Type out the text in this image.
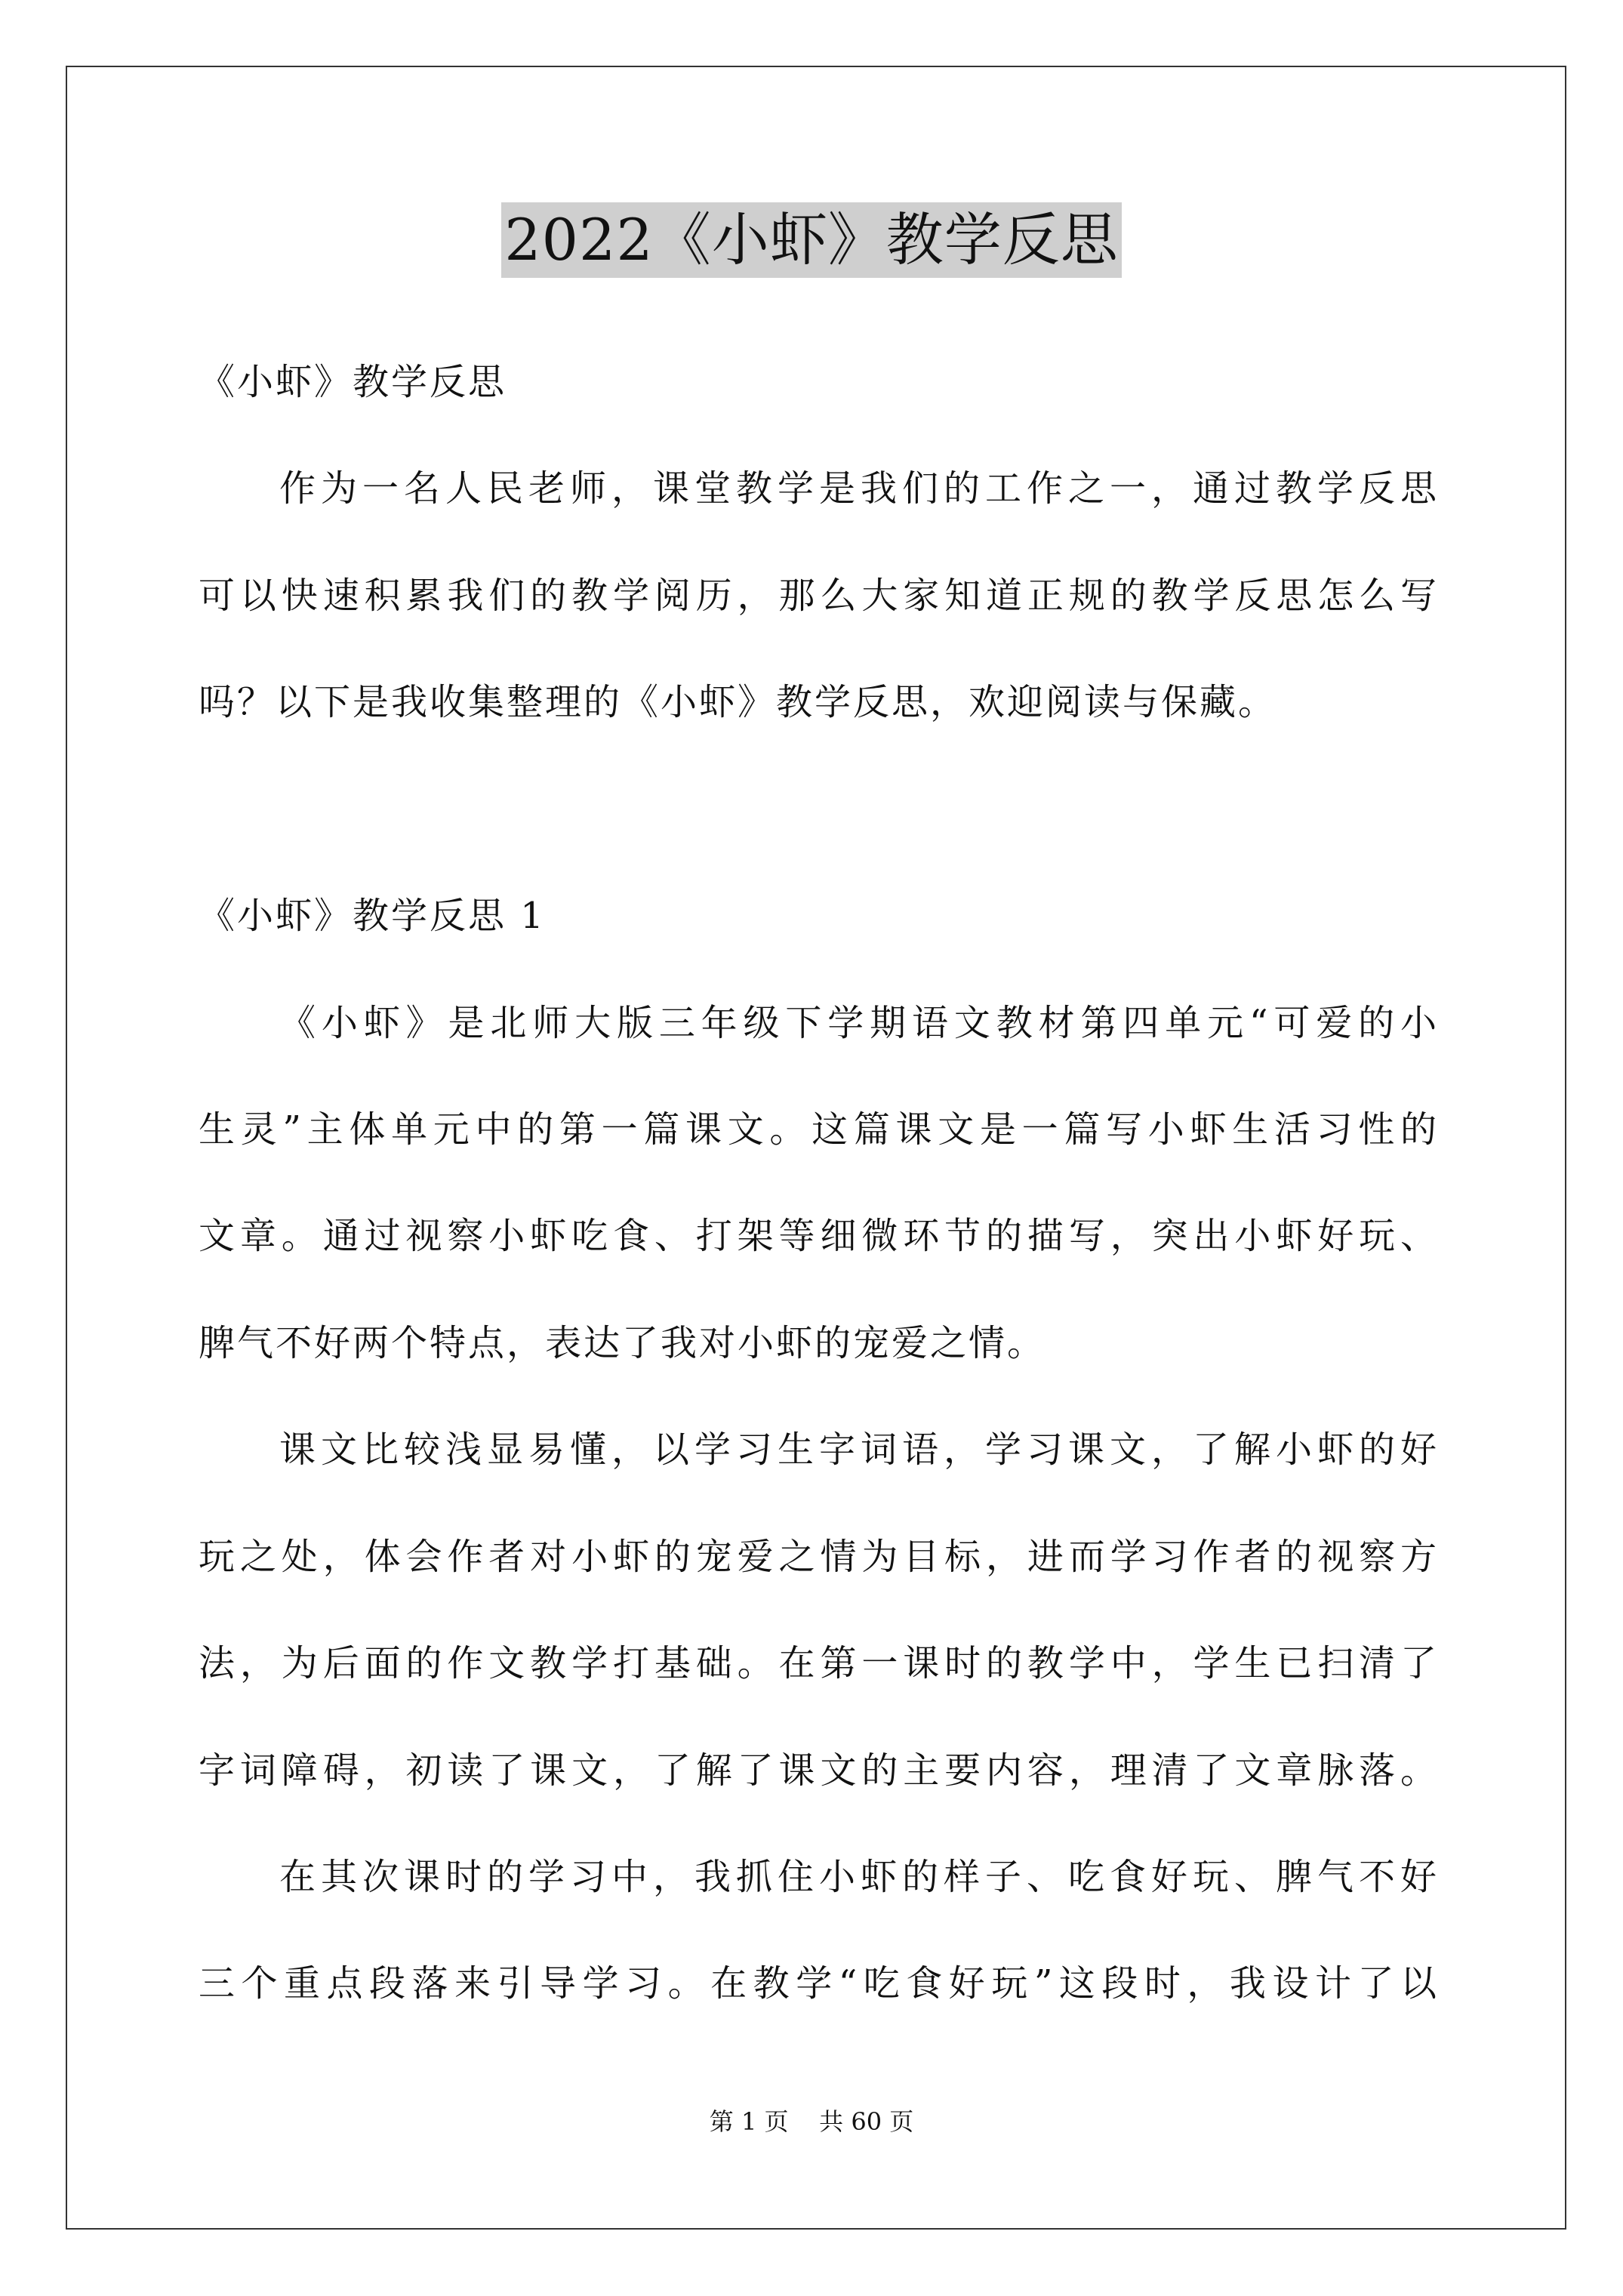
2022《小虾》教学反思
《小虾》教学反思
作为一名人民老师，课堂教学是我们的工作之一，通过教学反思
可以快速积累我们的教学阅历，那么大家知道正规的教学反思怎么写
吗？以下是我收集整理的《小虾》教学反思，欢迎阅读与保藏。
《小虾》教学反思 1
《小虾》是北师大版三年级下学期语文教材第四单元“可爱的小
生灵”主体单元中的第一篇课文。这篇课文是一篇写小虾生活习性的
文章。通过视察小虾吃食、打架等细微环节的描写，突出小虾好玩、
脾气不好两个特点，表达了我对小虾的宠爱之情。
课文比较浅显易懂，以学习生字词语，学习课文，了解小虾的好
玩之处，体会作者对小虾的宠爱之情为目标，进而学习作者的视察方
法，为后面的作文教学打基础。在第一课时的教学中，学生已扫清了
字词障碍，初读了课文，了解了课文的主要内容，理清了文章脉落。
在其次课时的学习中，我抓住小虾的样子、吃食好玩、脾气不好
三个重点段落来引导学习。在教学“吃食好玩”这段时，我设计了以
第 1 页    共 60 页
